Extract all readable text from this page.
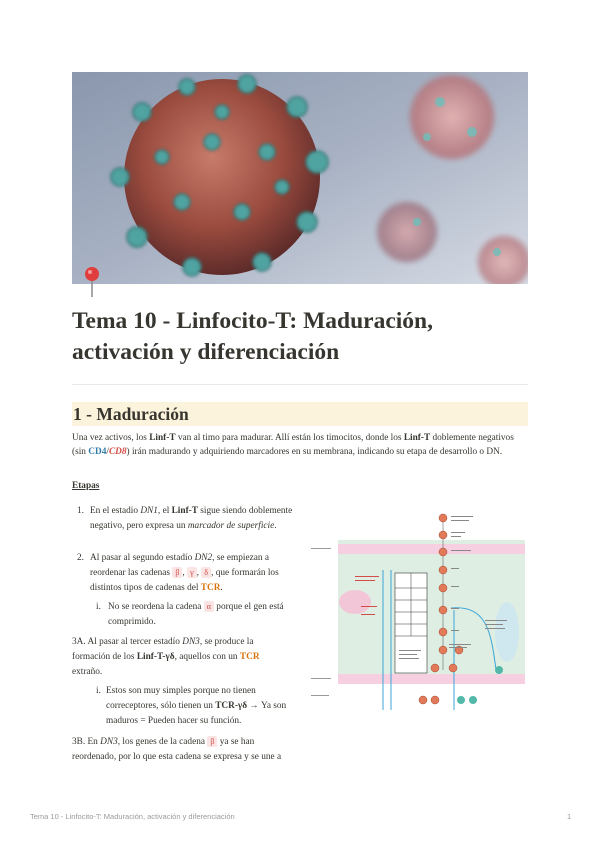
Tema 10 - Linfocito-T: Maduración,
activación y diferenciación
1 - Maduración

Una vez activos, los Linf-T van al timo para madurar. Allí están los timocitos, donde los Linf-T doblemente negativos (sin CD4/CD8) irán madurando y adquiriendo marcadores en su membrana, indicando su etapa de desarrollo o DN.

Etapas

1. En el estadio DN1, el Linf-T sigue siendo doblemente negativo, pero expresa un marcador de superficie.

2. Al pasar al segundo estadío DN2, se empiezan a reordenar las cadenas β , γ , δ , que formarán los distintos tipos de cadenas del TCR.

i. No se reordena la cadena α porque el gen está comprimido.

3A. Al pasar al tercer estadío DN3, se produce la formación de los Linf-T-γδ, aquellos con un TCR extraño.

i. Estos son muy simples porque no tienen correceptores, sólo tienen un TCR-γδ → Ya son maduros = Pueden hacer su función.

3B. En DN3, los genes de la cadena β ya se han reordenado, por lo que esta cadena se expresa y se une a

Tema 10 - Linfocito-T: Maduración, activación y diferenciación	1
